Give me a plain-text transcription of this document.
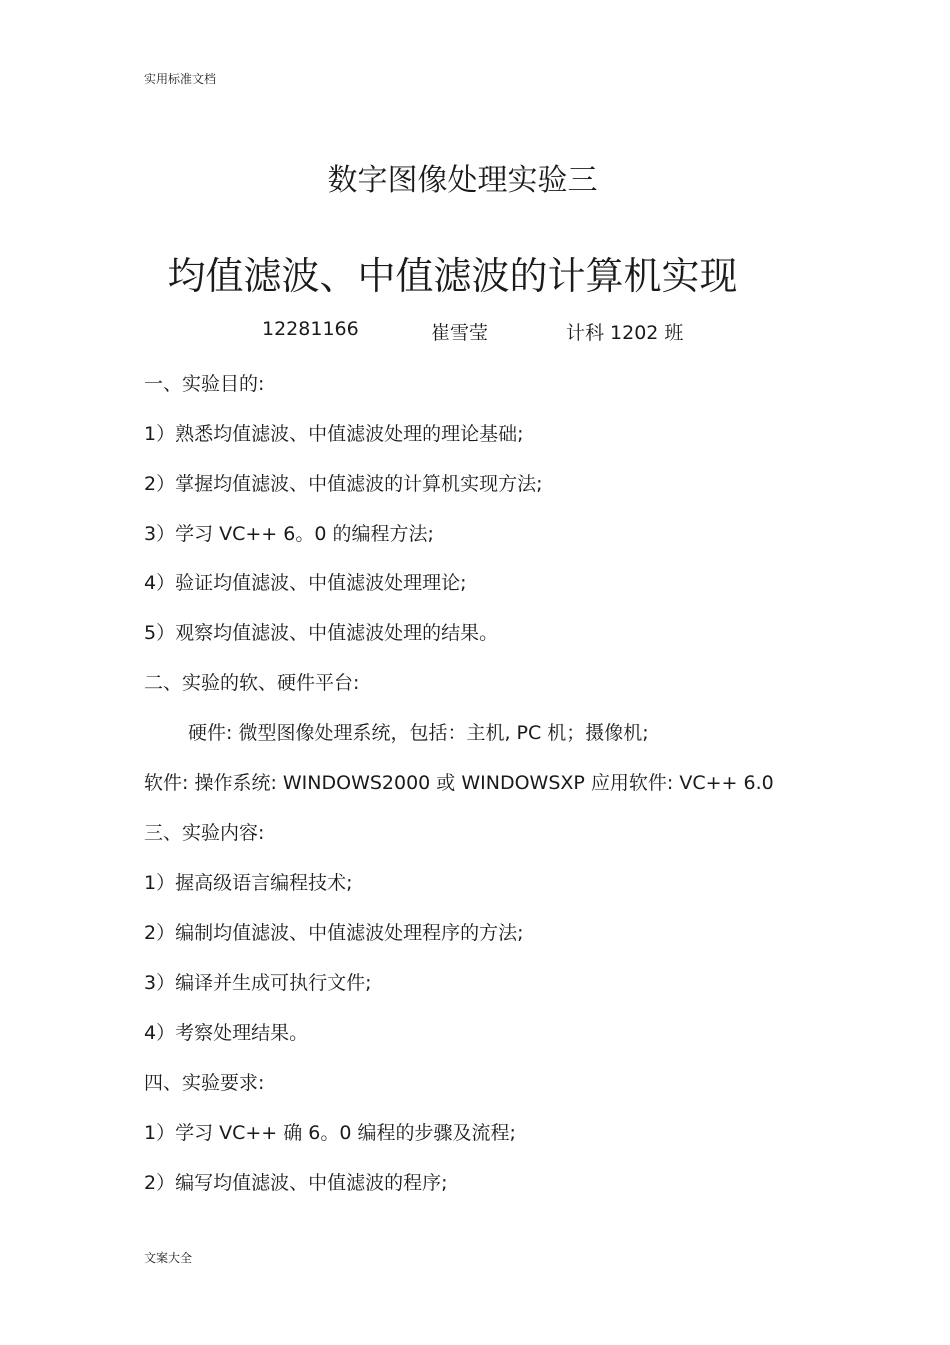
实用标准文档
数字图像处理实验三
均值滤波、中值滤波的计算机实现
12281166	崔雪莹	计科 1202 班
一、实验目的:
1）熟悉均值滤波、中值滤波处理的理论基础;
2）掌握均值滤波、中值滤波的计算机实现方法;
3）学习 VC++ 6。0 的编程方法;
4）验证均值滤波、中值滤波处理理论;
5）观察均值滤波、中值滤波处理的结果。
二、实验的软、硬件平台:
硬件: 微型图像处理系统，包括：主机, PC 机；摄像机;
软件: 操作系统: WINDOWS2000 或 WINDOWSXP 应用软件: VC++ 6.0
三、实验内容:
1）握高级语言编程技术;
2）编制均值滤波、中值滤波处理程序的方法;
3）编译并生成可执行文件;
4）考察处理结果。
四、实验要求:
1）学习 VC++ 确 6。0 编程的步骤及流程;
2）编写均值滤波、中值滤波的程序;
文案大全
